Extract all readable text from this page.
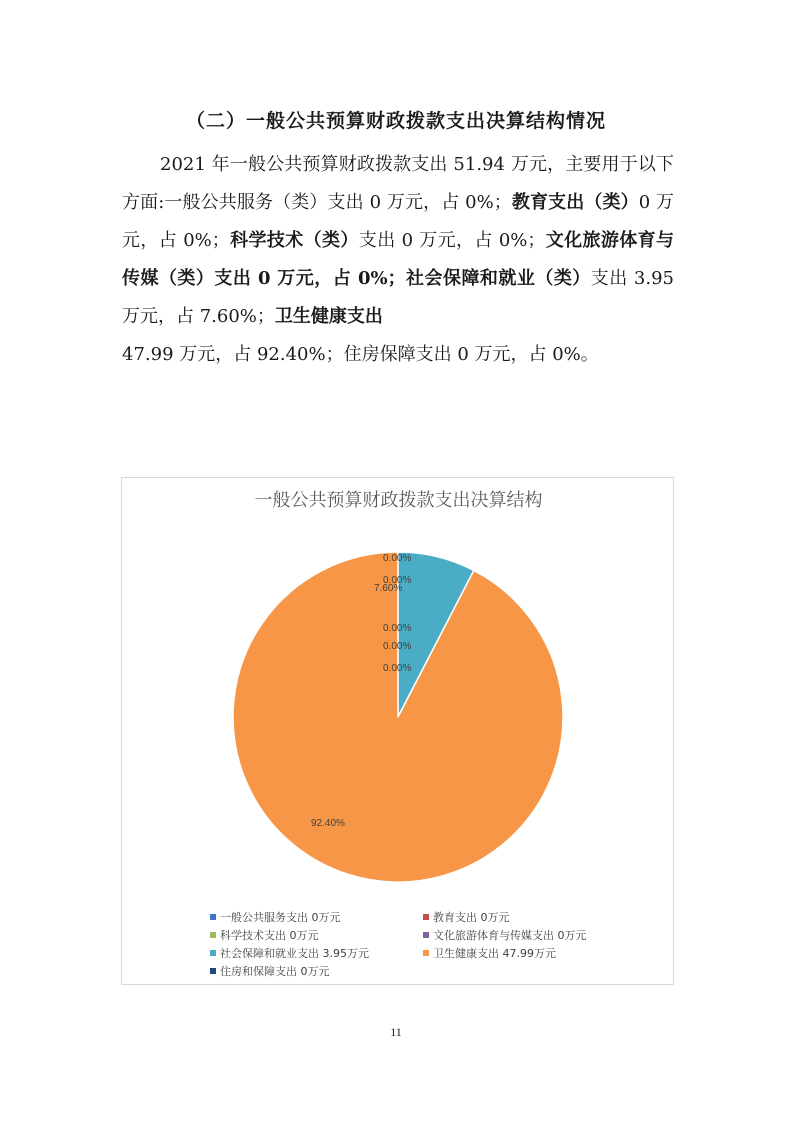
（二）一般公共预算财政拨款支出决算结构情况
2021 年一般公共预算财政拨款支出 51.94 万元，主要用于以下方面:一般公共服务（类）支出 0 万元，占 0%；教育支出（类）0 万元，占 0%；科学技术（类）支出 0 万元，占 0%；文化旅游体育与传媒（类）支出 0 万元，占 0%；社会保障和就业（类）支出 3.95 万元，占 7.60%；卫生健康支出
47.99 万元，占 92.40%；住房保障支出 0 万元，占 0%。
一般公共预算财政拨款支出决算结构
0.00%
0.00%
0.00%
0.00%
7.60%
92.40%
0.00%
一般公共服务支出 0万元	教育支出 0万元
科学技术支出 0万元	文化旅游体育与传媒支出 0万元
社会保障和就业支出 3.95万元	卫生健康支出 47.99万元
住房和保障支出 0万元
11
